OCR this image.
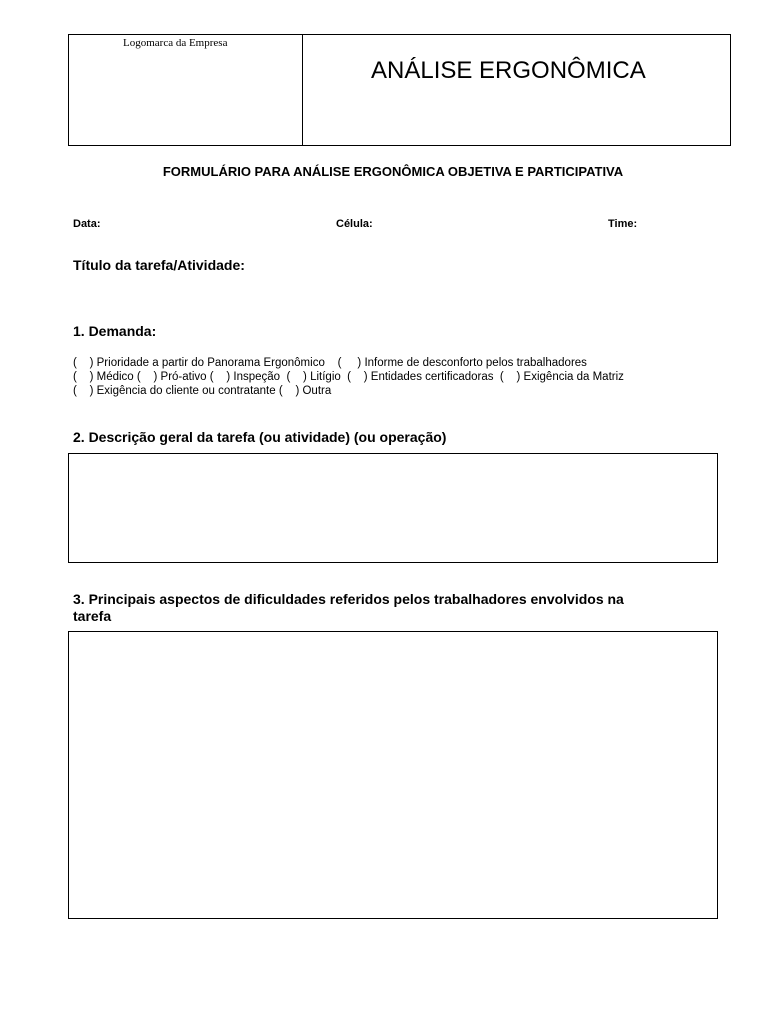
Logomarca da Empresa
ANÁLISE ERGONÔMICA
FORMULÁRIO PARA ANÁLISE ERGONÔMICA OBJETIVA E PARTICIPATIVA
Data:	Célula:	Time:
Título da tarefa/Atividade:
1. Demanda:
(    ) Prioridade a partir do Panorama Ergonômico    (     ) Informe de desconforto pelos trabalhadores
(    ) Médico (    ) Pró-ativo (    ) Inspeção  (    ) Litígio  (    ) Entidades certificadoras  (    ) Exigência da Matriz
(    ) Exigência do cliente ou contratante (    ) Outra
2. Descrição geral da tarefa (ou atividade) (ou operação)
3. Principais aspectos de dificuldades referidos pelos trabalhadores envolvidos na
tarefa
